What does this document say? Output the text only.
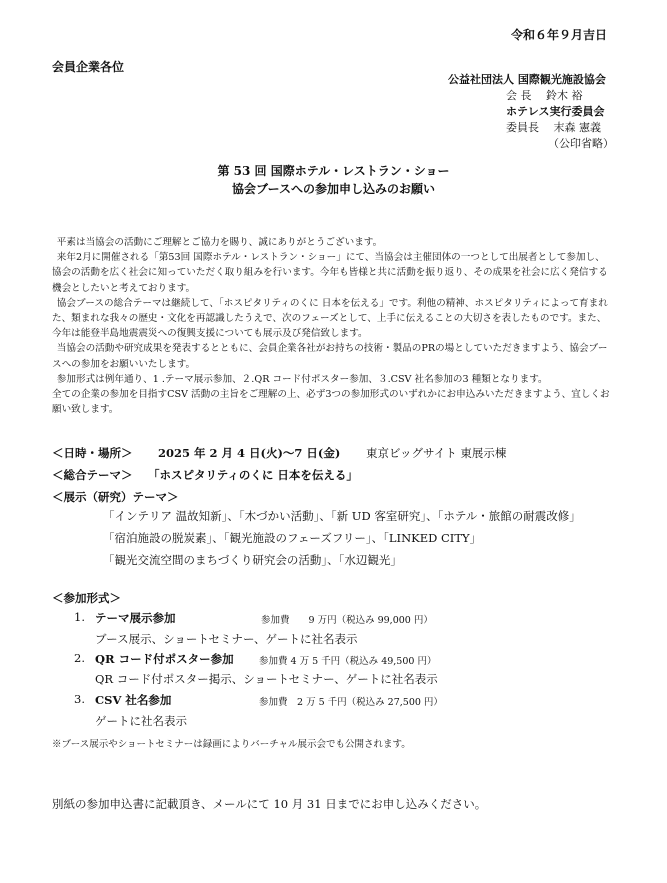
令和６年９月吉日
会員企業各位
公益社団法人 国際観光施設協会
会 長　 鈴木 裕
ホテレス実行委員会
委員長　 末森 憲義
（公印省略）
第 53 回 国際ホテル・レストラン・ショー
協会ブースへの参加申し込みのお願い

平素は当協会の活動にご理解とご協力を賜り、誠にありがとうございます。

来年2月に開催される「第53回 国際ホテル・レストラン・ショー」にて、当協会は主催団体の一つとして出展者として参加し、協会の活動を広く社会に知っていただく取り組みを行います。今年も皆様と共に活動を振り返り、その成果を社会に広く発信する機会としたいと考えております。

協会ブースの総合テーマは継続して、「ホスピタリティのくに 日本を伝える」です。利他の精神、ホスピタリティによって育まれた、類まれな我々の歴史・文化を再認識したうえで、次のフェーズとして、上手に伝えることの大切さを表したものです。また、今年は能登半島地震震災への復興支援についても展示及び発信致します。

当協会の活動や研究成果を発表するとともに、会員企業各社がお持ちの技術・製品のPRの場としていただきますよう、協会ブースへの参加をお願いいたします。

参加形式は例年通り、1 .テーマ展示参加、２.QR コード付ポスター参加、３.CSV 社名参加の3 種類となります。

全ての企業の参加を目指すCSV 活動の主旨をご理解の上、必ず3つの参加形式のいずれかにお申込みいただきますよう、宜しくお願い致します。

＜日時・場所＞ 2025 年 2 月 4 日(火)～7 日(金) 東京ビッグサイト 東展示棟
＜総合テーマ＞ 「ホスピタリティのくに 日本を伝える」
＜展示（研究）テーマ＞
「インテリア 温故知新」、「木づかい活動」、「新 UD 客室研究」、「ホテル・旅館の耐震改修」
「宿泊施設の脱炭素」、「観光施設のフェーズフリー」、「LINKED CITY」
「観光交流空間のまちづくり研究会の活動」、「水辺観光」
＜参加形式＞
1. テーマ展示参加	参加費　　9 万円（税込み 99,000 円）
ブース展示、ショートセミナー、ゲートに社名表示
2. QR コード付ポスター参加	参加費 4 万 5 千円（税込み 49,500 円）
QR コード付ポスター掲示、ショートセミナー、ゲートに社名表示
3. CSV 社名参加	参加費　2 万 5 千円（税込み 27,500 円）
ゲートに社名表示
※ブース展示やショートセミナーは録画によりバーチャル展示会でも公開されます。
別紙の参加申込書に記載頂き、メールにて 10 月 31 日までにお申し込みください。
